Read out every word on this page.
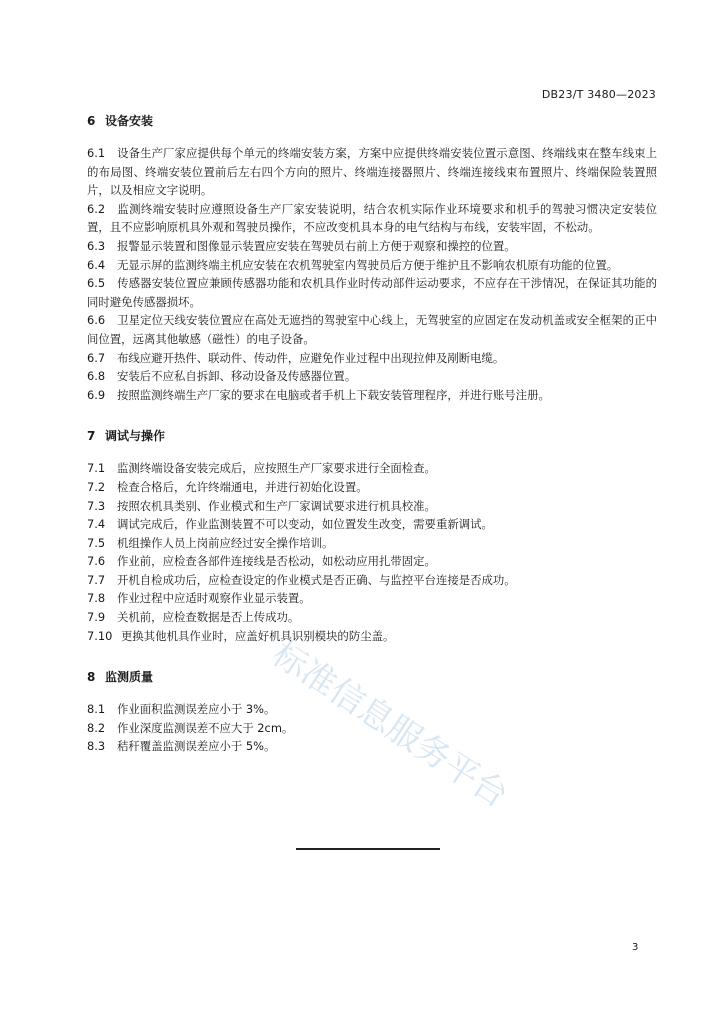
DB23/T 3480—2023
标准信息服务平台
6 设备安装

6.1 设备生产厂家应提供每个单元的终端安装方案，方案中应提供终端安装位置示意图、终端线束在整车线束上的布局图、终端安装位置前后左右四个方向的照片、终端连接器照片、终端连接线束布置照片、终端保险装置照片，以及相应文字说明。

6.2 监测终端安装时应遵照设备生产厂家安装说明，结合农机实际作业环境要求和机手的驾驶习惯决定安装位置，且不应影响原机具外观和驾驶员操作，不应改变机具本身的电气结构与布线，安装牢固，不松动。

6.3 报警显示装置和图像显示装置应安装在驾驶员右前上方便于观察和操控的位置。

6.4 无显示屏的监测终端主机应安装在农机驾驶室内驾驶员后方便于维护且不影响农机原有功能的位置。

6.5 传感器安装位置应兼顾传感器功能和农机具作业时传动部件运动要求，不应存在干涉情况，在保证其功能的同时避免传感器损坏。

6.6 卫星定位天线安装位置应在高处无遮挡的驾驶室中心线上，无驾驶室的应固定在发动机盖或安全框架的正中间位置，远离其他敏感（磁性）的电子设备。

6.7 布线应避开热件、联动件、传动件，应避免作业过程中出现拉伸及剐断电缆。

6.8 安装后不应私自拆卸、移动设备及传感器位置。

6.9 按照监测终端生产厂家的要求在电脑或者手机上下载安装管理程序，并进行账号注册。

7 调试与操作

7.1 监测终端设备安装完成后，应按照生产厂家要求进行全面检查。

7.2 检查合格后，允许终端通电，并进行初始化设置。

7.3 按照农机具类别、作业模式和生产厂家调试要求进行机具校准。

7.4 调试完成后，作业监测装置不可以变动，如位置发生改变，需要重新调试。

7.5 机组操作人员上岗前应经过安全操作培训。

7.6 作业前，应检查各部件连接线是否松动，如松动应用扎带固定。

7.7 开机自检成功后，应检查设定的作业模式是否正确、与监控平台连接是否成功。

7.8 作业过程中应适时观察作业显示装置。

7.9 关机前，应检查数据是否上传成功。

7.10 更换其他机具作业时，应盖好机具识别模块的防尘盖。

8 监测质量

8.1 作业面积监测误差应小于 3%。

8.2 作业深度监测误差不应大于 2cm。

8.3 秸秆覆盖监测误差应小于 5%。

3
